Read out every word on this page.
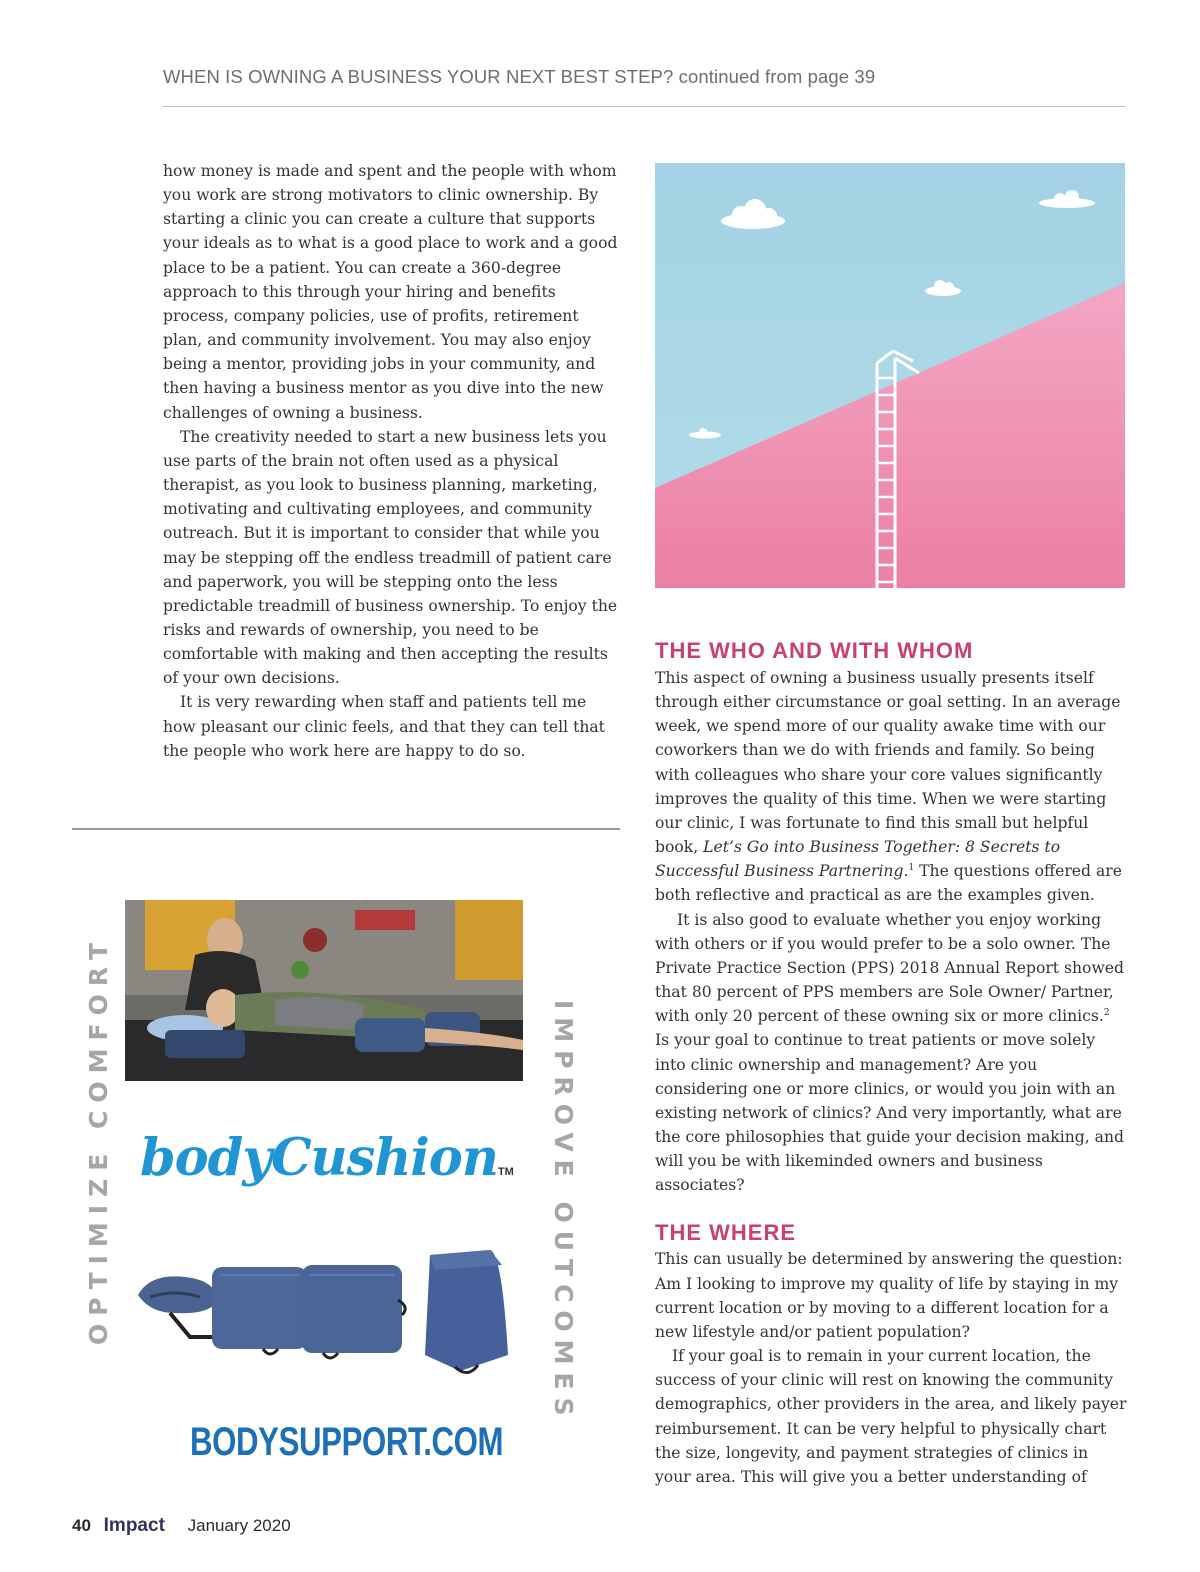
WHEN IS OWNING A BUSINESS YOUR NEXT BEST STEP? continued from page 39

how money is made and spent and the people with whom you work are strong motivators to clinic ownership. By starting a clinic you can create a culture that supports your ideals as to what is a good place to work and a good place to be a patient. You can create a 360-degree approach to this through your hiring and benefits process, company policies, use of profits, retirement plan, and community involvement. You may also enjoy being a mentor, providing jobs in your community, and then having a business mentor as you dive into the new challenges of owning a business.

The creativity needed to start a new business lets you use parts of the brain not often used as a physical therapist, as you look to business planning, marketing, motivating and cultivating employees, and community outreach. But it is important to consider that while you may be stepping off the endless treadmill of patient care and paperwork, you will be stepping onto the less predictable treadmill of business ownership. To enjoy the risks and rewards of ownership, you need to be comfortable with making and then accepting the results of your own decisions.

It is very rewarding when staff and patients tell me how pleasant our clinic feels, and that they can tell that the people who work here are happy to do so.

THE WHO AND WITH WHOM

This aspect of owning a business usually presents itself through either circumstance or goal setting. In an average week, we spend more of our quality awake time with our coworkers than we do with friends and family. So being with colleagues who share your core values significantly improves the quality of this time. When we were starting our clinic, I was fortunate to find this small but helpful book, Let’s Go into Business Together: 8 Secrets to Successful Business Partnering.$^1$ The questions offered are both reflective and practical as are the examples given.

It is also good to evaluate whether you enjoy working with others or if you would prefer to be a solo owner. The Private Practice Section (PPS) 2018 Annual Report showed that 80 percent of PPS members are Sole Owner/ Partner, with only 20 percent of these owning six or more clinics.$^2$ Is your goal to continue to treat patients or move solely into clinic ownership and management? Are you considering one or more clinics, or would you join with an existing network of clinics? And very importantly, what are the core philosophies that guide your decision making, and will you be with likeminded owners and business associates?

THE WHERE

This can usually be determined by answering the question: Am I looking to improve my quality of life by staying in my current location or by moving to a different location for a new lifestyle and/or patient population?

If your goal is to remain in your current location, the success of your clinic will rest on knowing the community demographics, other providers in the area, and likely payer reimbursement. It can be very helpful to physically chart the size, longevity, and payment strategies of clinics in your area. This will give you a better understanding of

OPTIMIZE COMFORT	IMPROVE OUTCOMES
bodyCushionTM
BODYSUPPORT.COM
40 Impact January 2020
